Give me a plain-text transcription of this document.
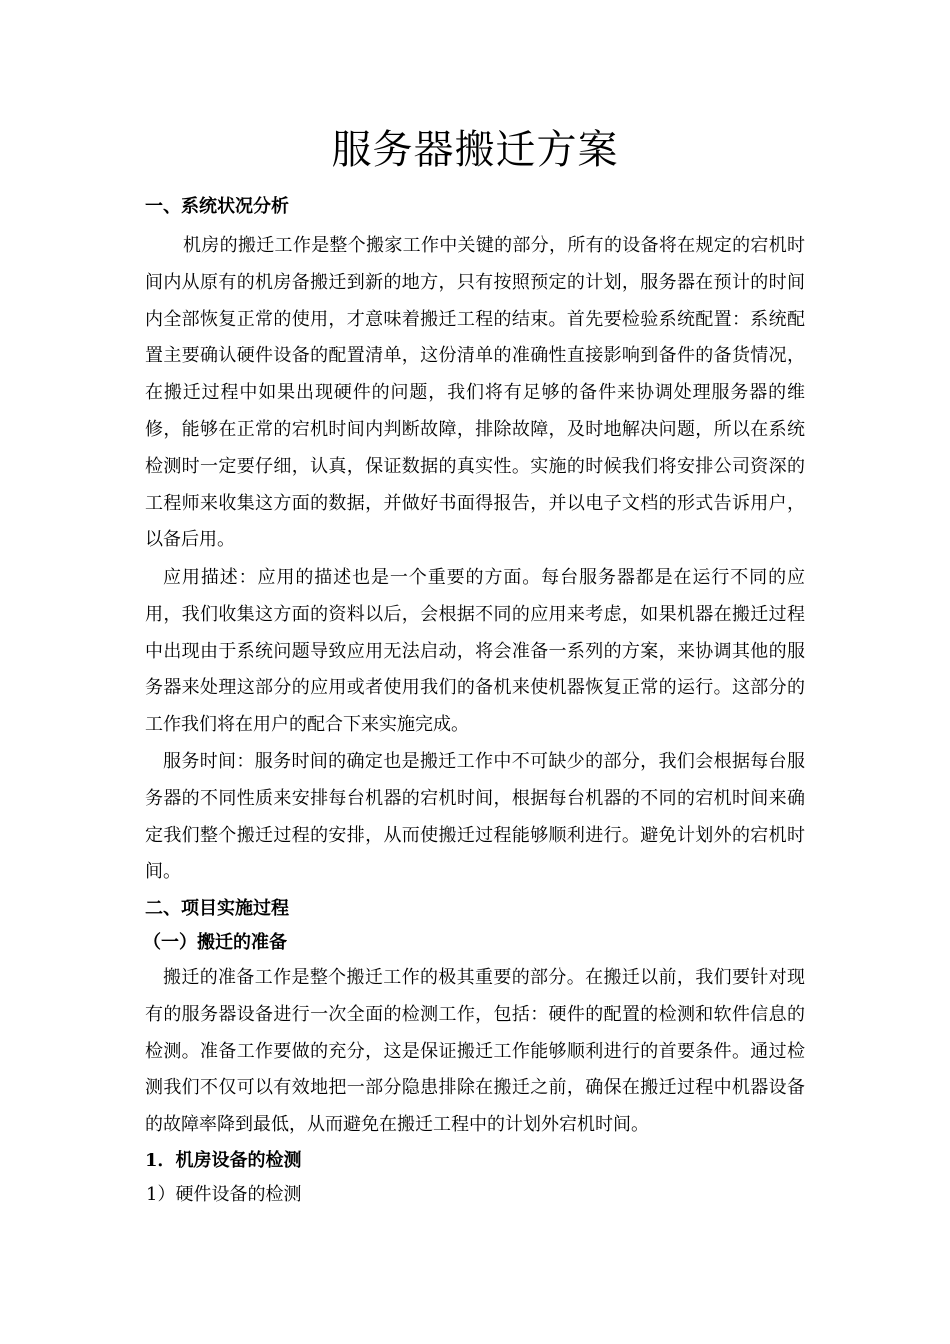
服务器搬迁方案
一、系统状况分析

机房的搬迁工作是整个搬家工作中关键的部分，所有的设备将在规定的宕机时间内从原有的机房备搬迁到新的地方，只有按照预定的计划，服务器在预计的时间内全部恢复正常的使用，才意味着搬迁工程的结束。首先要检验系统配置：系统配置主要确认硬件设备的配置清单，这份清单的准确性直接影响到备件的备货情况，在搬迁过程中如果出现硬件的问题，我们将有足够的备件来协调处理服务器的维修，能够在正常的宕机时间内判断故障，排除故障，及时地解决问题，所以在系统检测时一定要仔细，认真，保证数据的真实性。实施的时候我们将安排公司资深的工程师来收集这方面的数据，并做好书面得报告，并以电子文档的形式告诉用户，以备后用。

应用描述：应用的描述也是一个重要的方面。每台服务器都是在运行不同的应用，我们收集这方面的资料以后，会根据不同的应用来考虑，如果机器在搬迁过程中出现由于系统问题导致应用无法启动，将会准备一系列的方案，来协调其他的服务器来处理这部分的应用或者使用我们的备机来使机器恢复正常的运行。这部分的工作我们将在用户的配合下来实施完成。

服务时间：服务时间的确定也是搬迁工作中不可缺少的部分，我们会根据每台服务器的不同性质来安排每台机器的宕机时间，根据每台机器的不同的宕机时间来确定我们整个搬迁过程的安排，从而使搬迁过程能够顺利进行。避免计划外的宕机时间。

二、项目实施过程
（一）搬迁的准备

搬迁的准备工作是整个搬迁工作的极其重要的部分。在搬迁以前，我们要针对现有的服务器设备进行一次全面的检测工作，包括：硬件的配置的检测和软件信息的检测。准备工作要做的充分，这是保证搬迁工作能够顺利进行的首要条件。通过检测我们不仅可以有效地把一部分隐患排除在搬迁之前，确保在搬迁过程中机器设备的故障率降到最低，从而避免在搬迁工程中的计划外宕机时间。

1．机房设备的检测
1）硬件设备的检测
